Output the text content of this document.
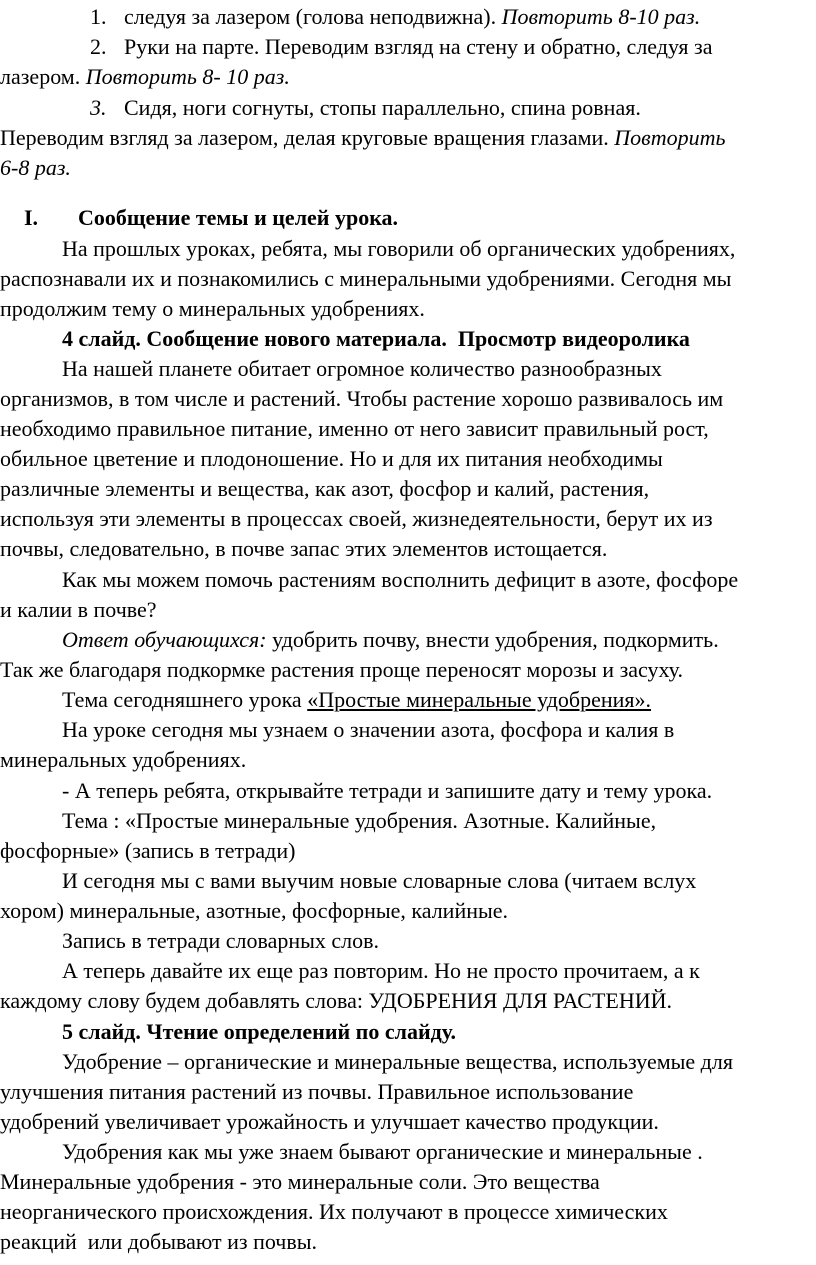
1. следуя за лазером (голова неподвижна). Повторить 8-10 раз.
2. Руки на парте. Переводим взгляд на стену и обратно, следуя за
лазером. Повторить 8- 10 раз.
3. Сидя, ноги согнуты, стопы параллельно, спина ровная.
Переводим взгляд за лазером, делая круговые вращения глазами. Повторить
6-8 раз.
I. Сообщение темы и целей урока.
На прошлых уроках, ребята, мы говорили об органических удобрениях,
распознавали их и познакомились с минеральными удобрениями. Сегодня мы
продолжим тему о минеральных удобрениях.
4 слайд. Сообщение нового материала.  Просмотр видеоролика
На нашей планете обитает огромное количество разнообразных
организмов, в том числе и растений. Чтобы растение хорошо развивалось им
необходимо правильное питание, именно от него зависит правильный рост,
обильное цветение и плодоношение. Но и для их питания необходимы
различные элементы и вещества, как азот, фосфор и калий, растения,
используя эти элементы в процессах своей, жизнедеятельности, берут их из
почвы, следовательно, в почве запас этих элементов истощается.
Как мы можем помочь растениям восполнить дефицит в азоте, фосфоре
и калии в почве?
Ответ обучающихся: удобрить почву, внести удобрения, подкормить.
Так же благодаря подкормке растения проще переносят морозы и засуху.
Тема сегодняшнего урока «Простые минеральные удобрения».
На уроке сегодня мы узнаем о значении азота, фосфора и калия в
минеральных удобрениях.
- А теперь ребята, открывайте тетради и запишите дату и тему урока.
Тема : «Простые минеральные удобрения. Азотные. Калийные,
фосфорные» (запись в тетради)
И сегодня мы с вами выучим новые словарные слова (читаем вслух
хором) минеральные, азотные, фосфорные, калийные.
Запись в тетради словарных слов.
А теперь давайте их еще раз повторим. Но не просто прочитаем, а к
каждому слову будем добавлять слова: УДОБРЕНИЯ ДЛЯ РАСТЕНИЙ.
5 слайд. Чтение определений по слайду.
Удобрение – органические и минеральные вещества, используемые для
улучшения питания растений из почвы. Правильное использование
удобрений увеличивает урожайность и улучшает качество продукции.
Удобрения как мы уже знаем бывают органические и минеральные .
Минеральные удобрения - это минеральные соли. Это вещества
неорганического происхождения. Их получают в процессе химических
реакций  или добывают из почвы.
